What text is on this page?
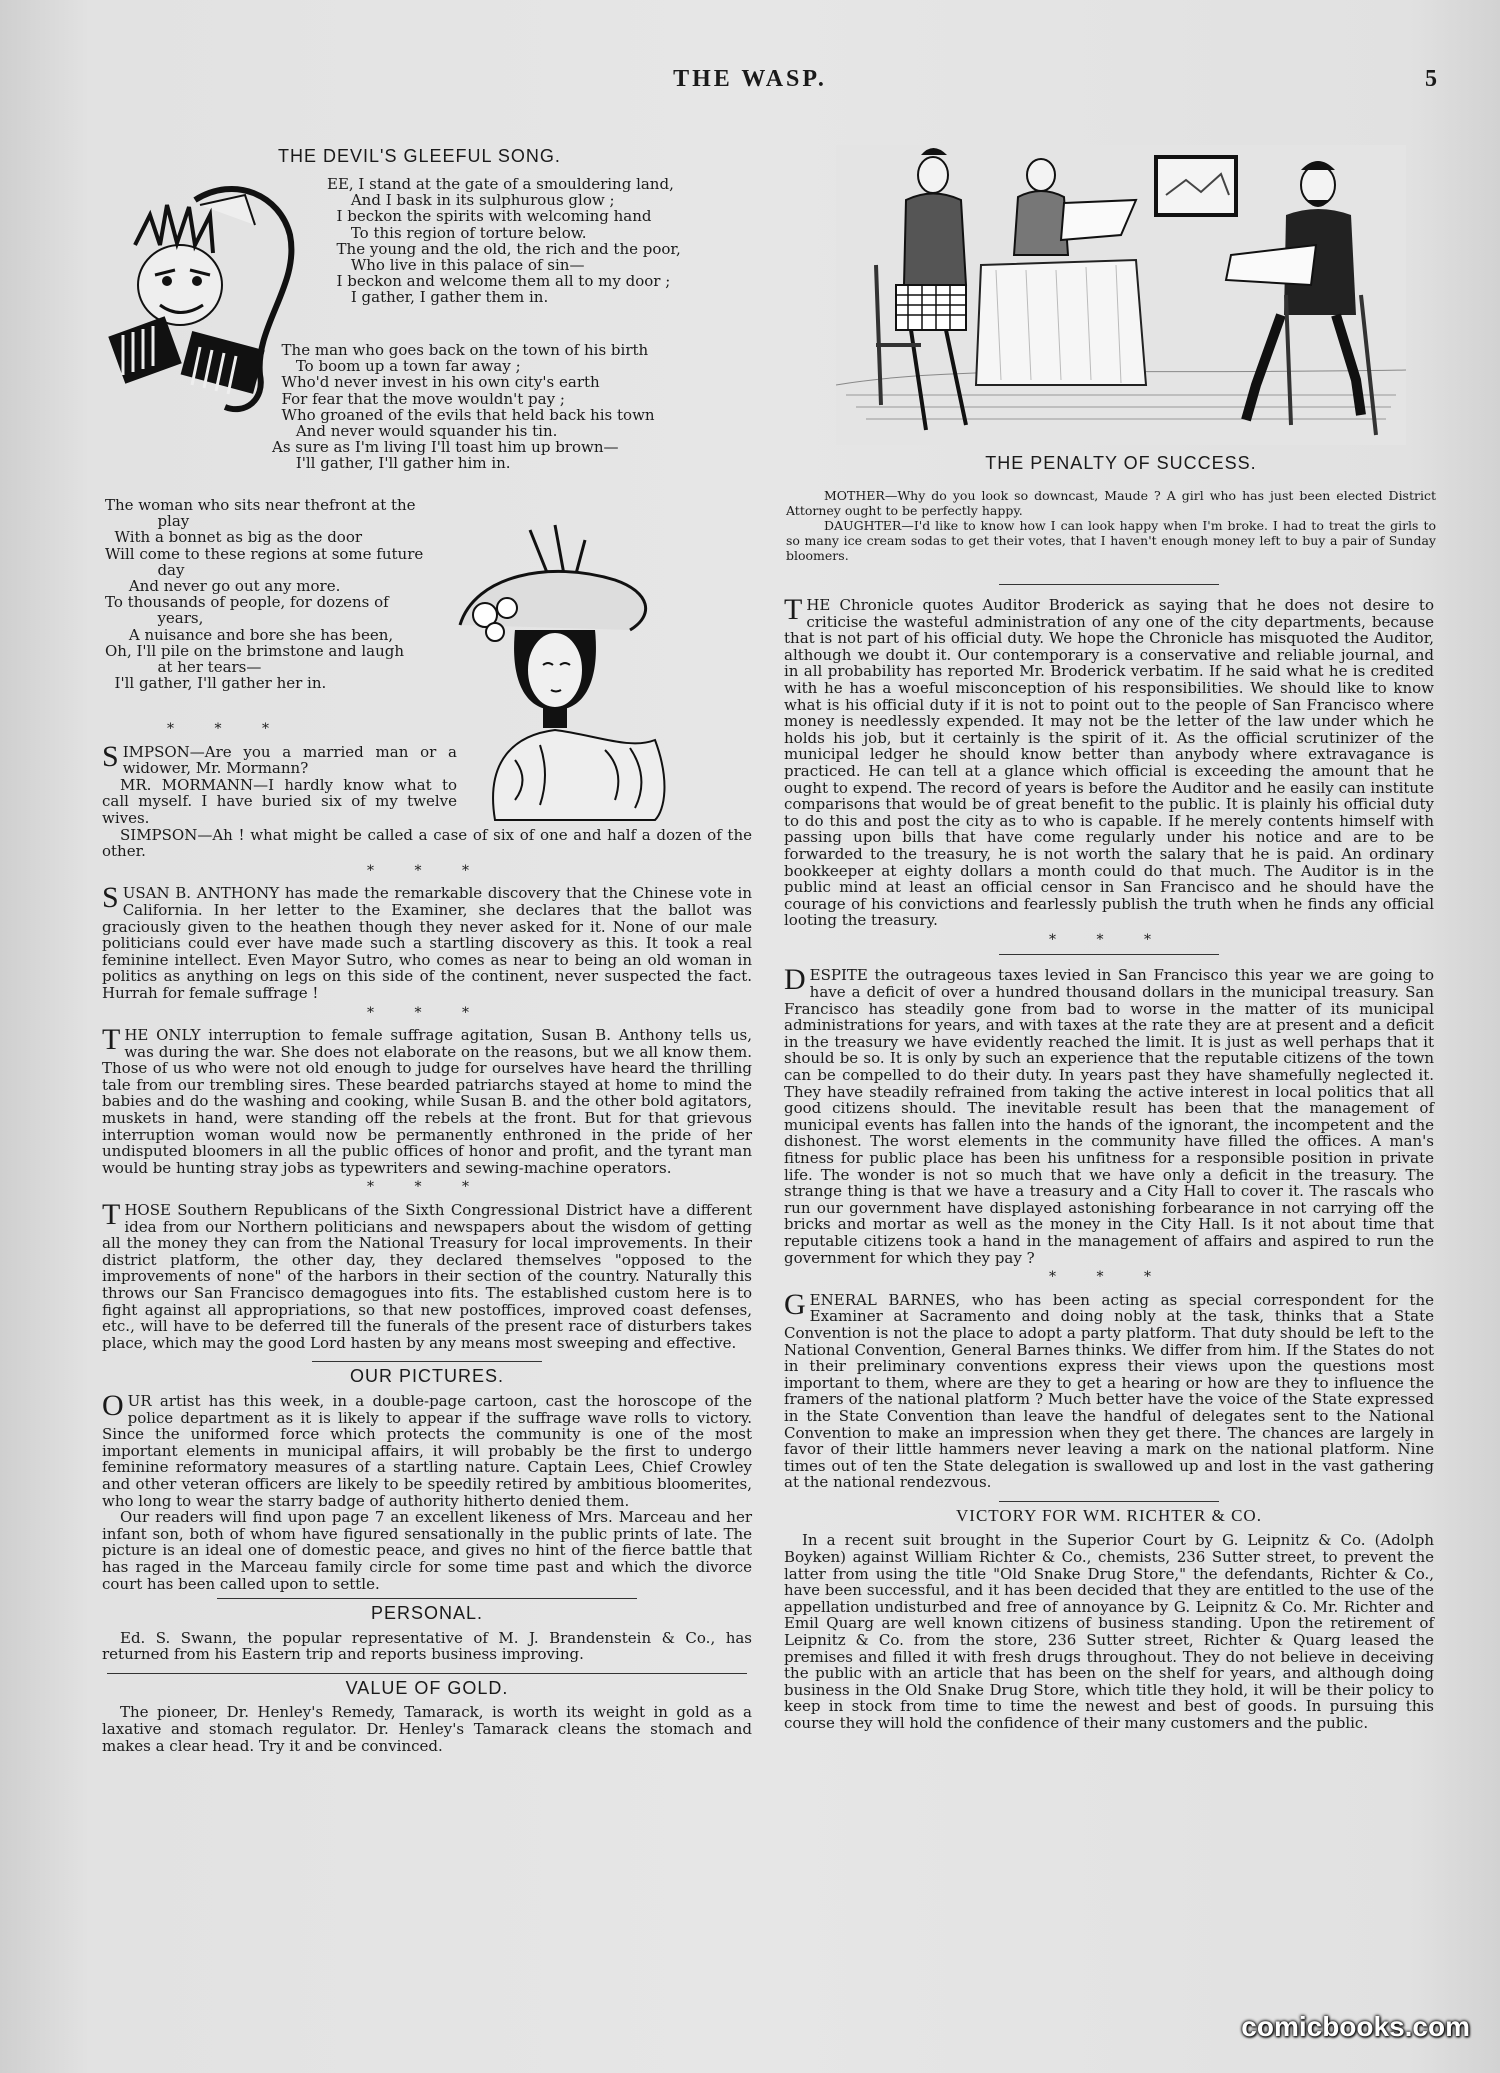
THE WASP.	5
THE DEVIL'S GLEEFUL SONG.
EE, I stand at the gate of a smouldering land,
And I bask in its sulphurous glow ;
I beckon the spirits with welcoming hand
To this region of torture below.
The young and the old, the rich and the poor,
Who live in this palace of sin—
I beckon and welcome them all to my door ;
I gather, I gather them in.
The man who goes back on the town of his birth
To boom up a town far away ;
Who'd never invest in his own city's earth
For fear that the move wouldn't pay ;
Who groaned of the evils that held back his town
And never would squander his tin.
As sure as I'm living I'll toast him up brown—
I'll gather, I'll gather him in.
The woman who sits near thefront at the
play
With a bonnet as big as the door
Will come to these regions at some future
day
And never go out any more.
To thousands of people, for dozens of
years,
A nuisance and bore she has been,
Oh, I'll pile on the brimstone and laugh
at her tears—
I'll gather, I'll gather her in.
* * *

SIMPSON—Are you a married man or a widower, Mr. Mormann?

MR. MORMANN—I hardly know what to call myself. I have buried six of my twelve wives.

SIMPSON—Ah ! what might be called a case of six of one and half a dozen of the other.

* * *

SUSAN B. ANTHONY has made the remarkable discovery that the Chinese vote in California. In her letter to the Examiner, she declares that the ballot was graciously given to the heathen though they never asked for it. None of our male politicians could ever have made such a startling discovery as this. It took a real feminine intellect. Even Mayor Sutro, who comes as near to being an old woman in politics as anything on legs on this side of the continent, never suspected the fact. Hurrah for female suffrage !

* * *

THE ONLY interruption to female suffrage agitation, Susan B. Anthony tells us, was during the war. She does not elaborate on the reasons, but we all know them. Those of us who were not old enough to judge for ourselves have heard the thrilling tale from our trembling sires. These bearded patriarchs stayed at home to mind the babies and do the washing and cooking, while Susan B. and the other bold agitators, muskets in hand, were standing off the rebels at the front. But for that grievous interruption woman would now be permanently enthroned in the pride of her undisputed bloomers in all the public offices of honor and profit, and the tyrant man would be hunting stray jobs as typewriters and sewing-machine operators.

* * *

THOSE Southern Republicans of the Sixth Congressional District have a different idea from our Northern politicians and newspapers about the wisdom of getting all the money they can from the National Treasury for local improvements. In their district platform, the other day, they declared themselves "opposed to the improvements of none" of the harbors in their section of the country. Naturally this throws our San Francisco demagogues into fits. The established custom here is to fight against all appropriations, so that new postoffices, improved coast defenses, etc., will have to be deferred till the funerals of the present race of disturbers takes place, which may the good Lord hasten by any means most sweeping and effective.

OUR PICTURES.

OUR artist has this week, in a double-page cartoon, cast the horoscope of the police department as it is likely to appear if the suffrage wave rolls to victory. Since the uniformed force which protects the community is one of the most important elements in municipal affairs, it will probably be the first to undergo feminine reformatory measures of a startling nature. Captain Lees, Chief Crowley and other veteran officers are likely to be speedily retired by ambitious bloomerites, who long to wear the starry badge of authority hitherto denied them.

Our readers will find upon page 7 an excellent likeness of Mrs. Marceau and her infant son, both of whom have figured sensationally in the public prints of late. The picture is an ideal one of domestic peace, and gives no hint of the fierce battle that has raged in the Marceau family circle for some time past and which the divorce court has been called upon to settle.

PERSONAL.

Ed. S. Swann, the popular representative of M. J. Brandenstein & Co., has returned from his Eastern trip and reports business improving.

VALUE OF GOLD.

The pioneer, Dr. Henley's Remedy, Tamarack, is worth its weight in gold as a laxative and stomach regulator. Dr. Henley's Tamarack cleans the stomach and makes a clear head. Try it and be convinced.

THE PENALTY OF SUCCESS.

MOTHER—Why do you look so downcast, Maude ? A girl who has just been elected District Attorney ought to be perfectly happy.

DAUGHTER—I'd like to know how I can look happy when I'm broke. I had to treat the girls to so many ice cream sodas to get their votes, that I haven't enough money left to buy a pair of Sunday bloomers.

THE Chronicle quotes Auditor Broderick as saying that he does not desire to criticise the wasteful administration of any one of the city departments, because that is not part of his official duty. We hope the Chronicle has misquoted the Auditor, although we doubt it. Our contemporary is a conservative and reliable journal, and in all probability has reported Mr. Broderick verbatim. If he said what he is credited with he has a woeful misconception of his responsibilities. We should like to know what is his official duty if it is not to point out to the people of San Francisco where money is needlessly expended. It may not be the letter of the law under which he holds his job, but it certainly is the spirit of it. As the official scrutinizer of the municipal ledger he should know better than anybody where extravagance is practiced. He can tell at a glance which official is exceeding the amount that he ought to expend. The record of years is before the Auditor and he easily can institute comparisons that would be of great benefit to the public. It is plainly his official duty to do this and post the city as to who is capable. If he merely contents himself with passing upon bills that have come regularly under his notice and are to be forwarded to the treasury, he is not worth the salary that he is paid. An ordinary bookkeeper at eighty dollars a month could do that much. The Auditor is in the public mind at least an official censor in San Francisco and he should have the courage of his convictions and fearlessly publish the truth when he finds any official looting the treasury.

* * *

DESPITE the outrageous taxes levied in San Francisco this year we are going to have a deficit of over a hundred thousand dollars in the municipal treasury. San Francisco has steadily gone from bad to worse in the matter of its municipal administrations for years, and with taxes at the rate they are at present and a deficit in the treasury we have evidently reached the limit. It is just as well perhaps that it should be so. It is only by such an experience that the reputable citizens of the town can be compelled to do their duty. In years past they have shamefully neglected it. They have steadily refrained from taking the active interest in local politics that all good citizens should. The inevitable result has been that the management of municipal events has fallen into the hands of the ignorant, the incompetent and the dishonest. The worst elements in the community have filled the offices. A man's fitness for public place has been his unfitness for a responsible position in private life. The wonder is not so much that we have only a deficit in the treasury. The strange thing is that we have a treasury and a City Hall to cover it. The rascals who run our government have displayed astonishing forbearance in not carrying off the bricks and mortar as well as the money in the City Hall. Is it not about time that reputable citizens took a hand in the management of affairs and aspired to run the government for which they pay ?

* * *

GENERAL BARNES, who has been acting as special correspondent for the Examiner at Sacramento and doing nobly at the task, thinks that a State Convention is not the place to adopt a party platform. That duty should be left to the National Convention, General Barnes thinks. We differ from him. If the States do not in their preliminary conventions express their views upon the questions most important to them, where are they to get a hearing or how are they to influence the framers of the national platform ? Much better have the voice of the State expressed in the State Convention than leave the handful of delegates sent to the National Convention to make an impression when they get there. The chances are largely in favor of their little hammers never leaving a mark on the national platform. Nine times out of ten the State delegation is swallowed up and lost in the vast gathering at the national rendezvous.

VICTORY FOR WM. RICHTER & CO.

In a recent suit brought in the Superior Court by G. Leipnitz & Co. (Adolph Boyken) against William Richter & Co., chemists, 236 Sutter street, to prevent the latter from using the title "Old Snake Drug Store," the defendants, Richter & Co., have been successful, and it has been decided that they are entitled to the use of the appellation undisturbed and free of annoyance by G. Leipnitz & Co. Mr. Richter and Emil Quarg are well known citizens of business standing. Upon the retirement of Leipnitz & Co. from the store, 236 Sutter street, Richter & Quarg leased the premises and filled it with fresh drugs throughout. They do not believe in deceiving the public with an article that has been on the shelf for years, and although doing business in the Old Snake Drug Store, which title they hold, it will be their policy to keep in stock from time to time the newest and best of goods. In pursuing this course they will hold the confidence of their many customers and the public.

comicbooks.com
